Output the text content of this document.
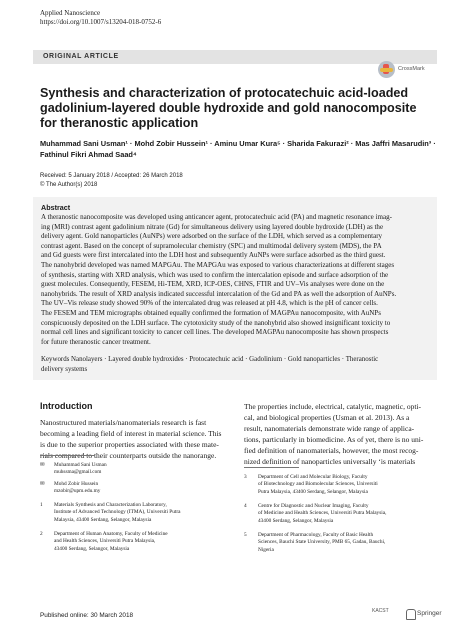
Applied Nanoscience
https://doi.org/10.1007/s13204-018-0752-6
ORIGINAL ARTICLE
CrossMark
Synthesis and characterization of protocatechuic acid-loaded
gadolinium-layered double hydroxide and gold nanocomposite
for theranostic application
Muhammad Sani Usman¹ · Mohd Zobir Hussein¹ · Aminu Umar Kura⁵ · Sharida Fakurazi² · Mas Jaffri Masarudin³ ·
Fathinul Fikri Ahmad Saad⁴
Received: 5 January 2018 / Accepted: 26 March 2018
© The Author(s) 2018
Abstract
A theranostic nanocomposite was developed using anticancer agent, protocatechuic acid (PA) and magnetic resonance imag-
ing (MRI) contrast agent gadolinium nitrate (Gd) for simultaneous delivery using layered double hydroxide (LDH) as the
delivery agent. Gold nanoparticles (AuNPs) were adsorbed on the surface of the LDH, which served as a complementary
contrast agent. Based on the concept of supramolecular chemistry (SPC) and multimodal delivery system (MDS), the PA
and Gd guests were first intercalated into the LDH host and subsequently AuNPs were surface adsorbed as the third guest.
The nanohybrid developed was named MAPGAu. The MAPGAu was exposed to various characterizations at different stages
of synthesis, starting with XRD analysis, which was used to confirm the intercalation episode and surface adsorption of the
guest molecules. Consequently, FESEM, Hi-TEM, XRD, ICP-OES, CHNS, FTIR and UV–Vis analyses were done on the
nanohybrids. The result of XRD analysis indicated successful intercalation of the Gd and PA as well the adsorption of AuNPs.
The UV–Vis release study showed 90% of the intercalated drug was released at pH 4.8, which is the pH of cancer cells.
The FESEM and TEM micrographs obtained equally confirmed the formation of MAGPAu nanocomposite, with AuNPs
conspicuously deposited on the LDH surface. The cytotoxicity study of the nanohybrid also showed insignificant toxicity to
normal cell lines and significant toxicity to cancer cell lines. The developed MAGPAu nanocomposite has shown prospects
for future theranostic cancer treatment.
Keywords Nanolayers · Layered double hydroxides · Protocatechuic acid · Gadolinium · Gold nanoparticles · Theranostic
delivery systems
Introduction
Nanostructured materials/nanomaterials research is fast
becoming a leading field of interest in material science. This
is due to the superior properties associated with these mate-
rials compared to their counterparts outside the nanorange.
The properties include, electrical, catalytic, magnetic, opti-
cal, and biological properties (Usman et al. 2013). As a
result, nanomaterials demonstrate wide range of applica-
tions, particularly in biomedicine. As of yet, there is no uni-
fied definition of nanomaterials, however, the most recog-
nized definition of nanoparticles universally ‘is materials
✉ Muhammad Sani Usman
muhssma@gmail.com
✉ Mohd Zobir Hussein
mzobir@upm.edu.my
1 Materials Synthesis and Characterization Laboratory,
Institute of Advanced Technology (ITMA), Universiti Putra
Malaysia, 43400 Serdang, Selangor, Malaysia
2 Department of Human Anatomy, Faculty of Medicine
and Health Sciences, Universiti Putra Malaysia,
43400 Serdang, Selangor, Malaysia
3 Department of Cell and Molecular Biology, Faculty
of Biotechnology and Biomolecular Sciences, Universiti
Putra Malaysia, 43400 Serdang, Selangor, Malaysia
4 Centre for Diagnostic and Nuclear Imaging, Faculty
of Medicine and Health Sciences, Universiti Putra Malaysia,
43400 Serdang, Selangor, Malaysia
5 Department of Pharmacology, Faculty of Basic Health
Sciences, Bauchi State University, PMB 65, Gadau, Bauchi,
Nigeria
Published online: 30 March 2018
KACST	Springer
